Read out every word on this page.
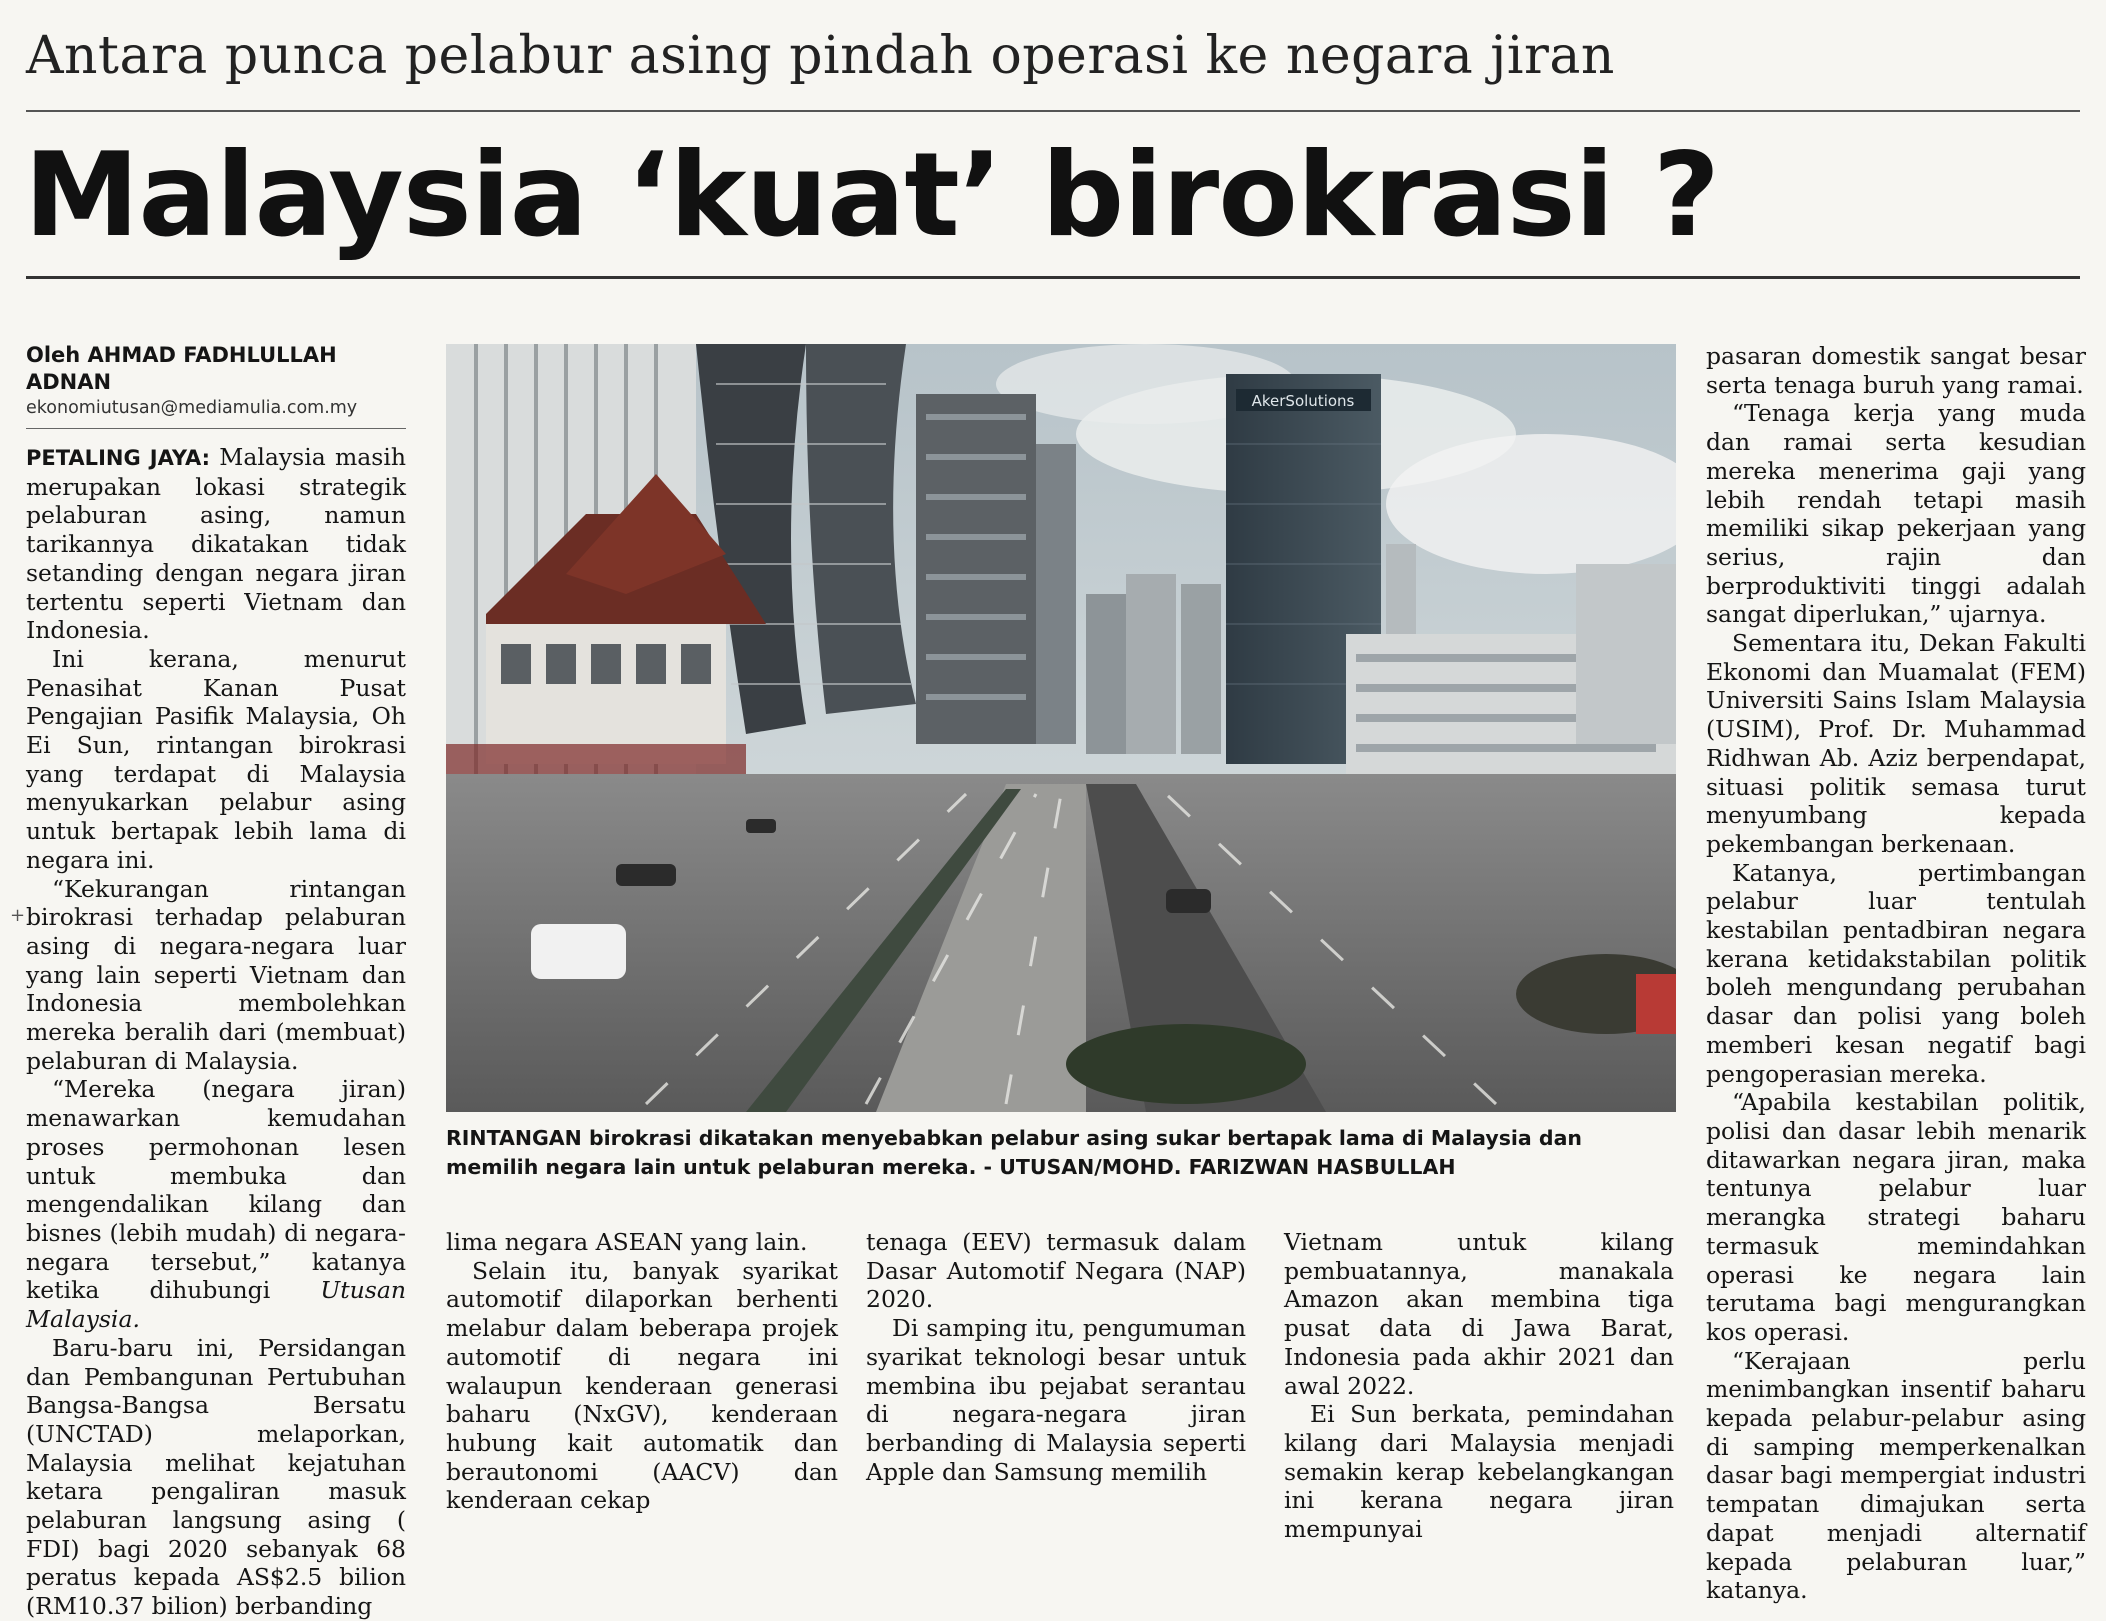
Antara punca pelabur asing pindah operasi ke negara jiran
Malaysia ‘kuat’ birokrasi ?
+
Oleh AHMAD FADHLULLAH
ADNAN
ekonomiutusan@mediamulia.com.my

PETALING JAYA: Malaysia masih merupakan lokasi strategik pelaburan asing, namun tarikannya dikatakan tidak setanding dengan negara jiran tertentu seperti Vietnam dan Indonesia.

Ini kerana, menurut Penasihat Kanan Pusat Pengajian Pasifik Malaysia, Oh Ei Sun, rintangan birokrasi yang terdapat di Malaysia menyukarkan pelabur asing untuk bertapak lebih lama di negara ini.

“Kekurangan rintangan birokrasi terhadap pelaburan asing di negara-negara luar yang lain seperti Vietnam dan Indonesia membolehkan mereka beralih dari (membuat) pelaburan di Malaysia.

“Mereka (negara jiran) menawarkan kemudahan proses permohonan lesen untuk membuka dan mengendalikan kilang dan bisnes (lebih mudah) di negara-negara tersebut,” katanya ketika dihubungi Utusan Malaysia.

Baru-baru ini, Persidangan dan Pembangunan Pertubuhan Bangsa-Bangsa Bersatu (UNCTAD) melaporkan, Malaysia melihat kejatuhan ketara pengaliran masuk pelaburan langsung asing ( FDI) bagi 2020 sebanyak 68 peratus kepada AS$2.5 bilion (RM10.37 bilion) berbanding

AkerSolutions
RINTANGAN birokrasi dikatakan menyebabkan pelabur asing sukar bertapak lama di Malaysia dan memilih negara lain untuk pelaburan mereka. - UTUSAN/MOHD. FARIZWAN HASBULLAH

lima negara ASEAN yang lain.

Selain itu, banyak syarikat automotif dilaporkan berhenti melabur dalam beberapa projek automotif di negara ini walaupun kenderaan generasi baharu (NxGV), kenderaan hubung kait automatik dan berautonomi (AACV) dan kenderaan cekap

tenaga (EEV) termasuk dalam Dasar Automotif Negara (NAP) 2020.

Di samping itu, pengumuman syarikat teknologi besar untuk membina ibu pejabat serantau di negara-negara jiran berbanding di Malaysia seperti Apple dan Samsung memilih

Vietnam untuk kilang pembuatannya, manakala Amazon akan membina tiga pusat data di Jawa Barat, Indonesia pada akhir 2021 dan awal 2022.

Ei Sun berkata, pemindahan kilang dari Malaysia menjadi semakin kerap kebelangkangan ini kerana negara jiran mempunyai

pasaran domestik sangat besar serta tenaga buruh yang ramai.

“Tenaga kerja yang muda dan ramai serta kesudian mereka menerima gaji yang lebih rendah tetapi masih memiliki sikap pekerjaan yang serius, rajin dan berproduktiviti tinggi adalah sangat diperlukan,” ujarnya.

Sementara itu, Dekan Fakulti Ekonomi dan Muamalat (FEM) Universiti Sains Islam Malaysia (USIM), Prof. Dr. Muhammad Ridhwan Ab. Aziz berpendapat, situasi politik semasa turut menyumbang kepada pekembangan berkenaan.

Katanya, pertimbangan pelabur luar tentulah kestabilan pentadbiran negara kerana ketidakstabilan politik boleh mengundang perubahan dasar dan polisi yang boleh memberi kesan negatif bagi pengoperasian mereka.

“Apabila kestabilan politik, polisi dan dasar lebih menarik ditawarkan negara jiran, maka tentunya pelabur luar merangka strategi baharu termasuk memindahkan operasi ke negara lain terutama bagi mengurangkan kos operasi.

“Kerajaan perlu menimbangkan insentif baharu kepada pelabur-pelabur asing di samping memperkenalkan dasar bagi mempergiat industri tempatan dimajukan serta dapat menjadi alternatif kepada pelaburan luar,” katanya.
